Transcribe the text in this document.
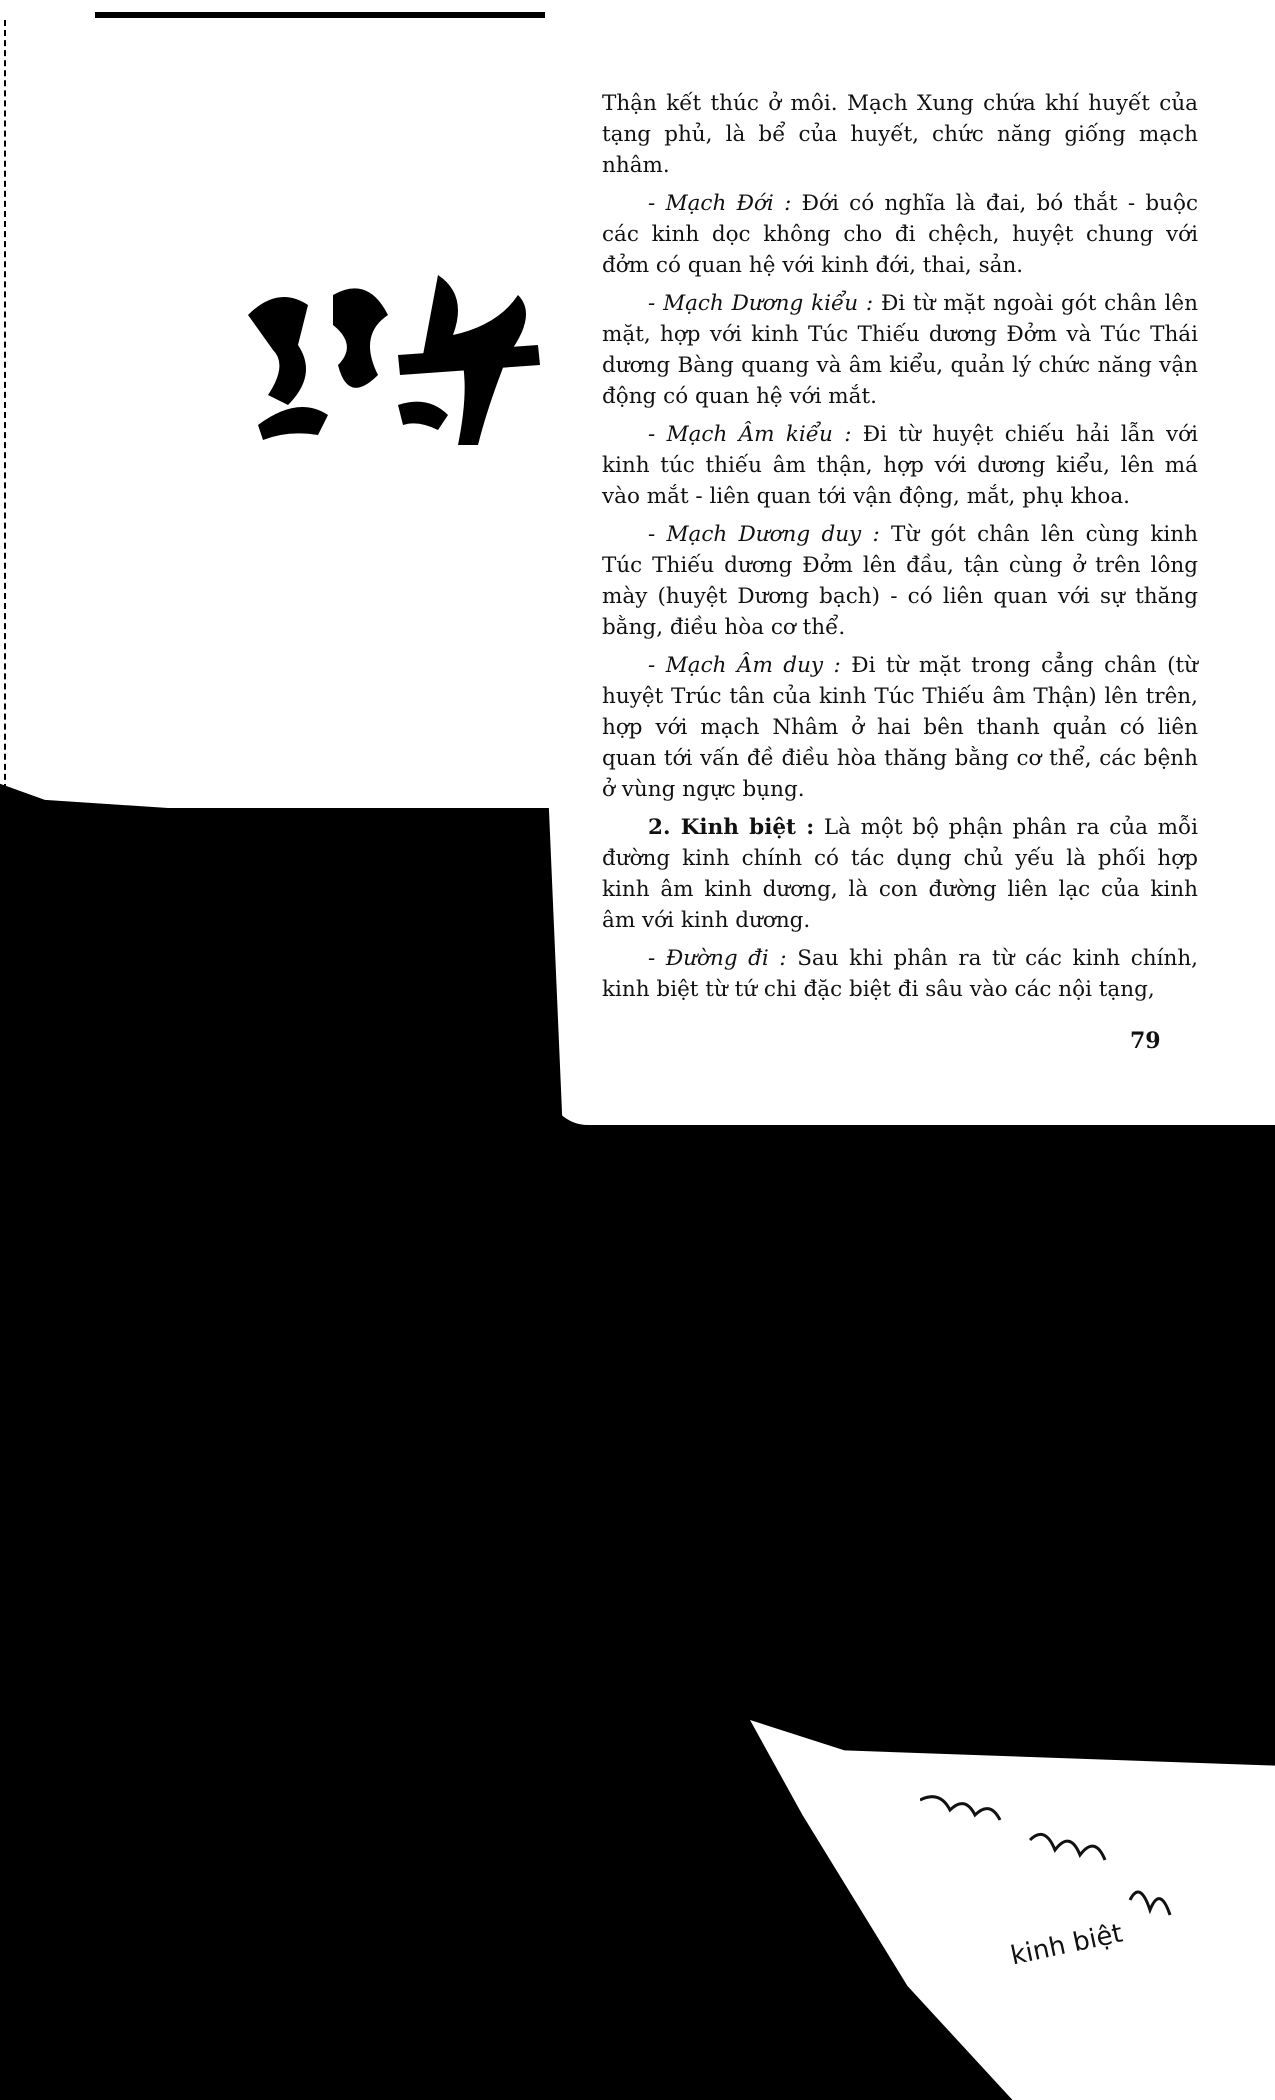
Thận kết thúc ở môi. Mạch Xung chứa khí huyết của tạng phủ, là bể của huyết, chức năng giống mạch nhâm.

- Mạch Đới : Đới có nghĩa là đai, bó thắt - buộc các kinh dọc không cho đi chệch, huyệt chung với đởm có quan hệ với kinh đới, thai, sản.

- Mạch Dương kiểu : Đi từ mặt ngoài gót chân lên mặt, hợp với kinh Túc Thiếu dương Đởm và Túc Thái dương Bàng quang và âm kiểu, quản lý chức năng vận động có quan hệ với mắt.

- Mạch Âm kiểu : Đi từ huyệt chiếu hải lẫn với kinh túc thiếu âm thận, hợp với dương kiểu, lên má vào mắt - liên quan tới vận động, mắt, phụ khoa.

- Mạch Dương duy : Từ gót chân lên cùng kinh Túc Thiếu dương Đởm lên đầu, tận cùng ở trên lông mày (huyệt Dương bạch) - có liên quan với sự thăng bằng, điều hòa cơ thể.

- Mạch Âm duy : Đi từ mặt trong cẳng chân (từ huyệt Trúc tân của kinh Túc Thiếu âm Thận) lên trên, hợp với mạch Nhâm ở hai bên thanh quản có liên quan tới vấn đề điều hòa thăng bằng cơ thể, các bệnh ở vùng ngực bụng.

2. Kinh biệt : Là một bộ phận phân ra của mỗi đường kinh chính có tác dụng chủ yếu là phối hợp kinh âm kinh dương, là con đường liên lạc của kinh âm với kinh dương.

- Đường đi : Sau khi phân ra từ các kinh chính, kinh biệt từ tứ chi đặc biệt đi sâu vào các nội tạng,

79
kinh biệt
